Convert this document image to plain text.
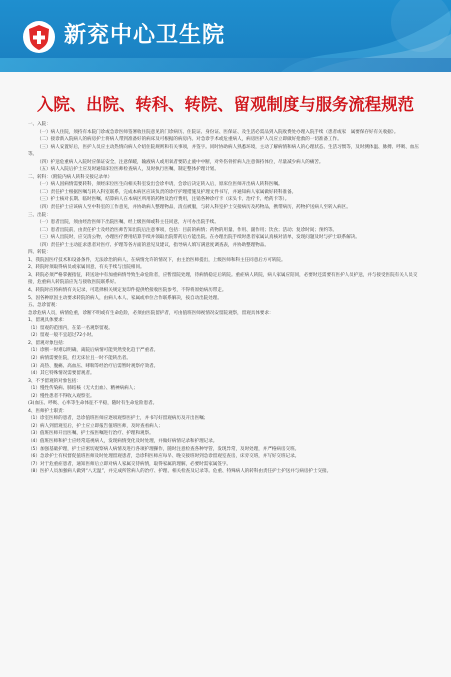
新兖中心卫生院
入院、出院、转科、转院、留观制度与服务流程规范

一、入院：

（一）病人住院，须持有本院门诊或急诊医师签署收住院意见的门诊病历、住院证、身份证、医保证、及生活必需品到入院收费处办理入院手续（患者或家　属要保存好有关收据）。

（二）接诊新入院病人的病房护士将病人带到准备好的病床及可根据的病房内。对急诊手术或危重病人，病房医护人员应立即做好抢救的一切准备工作。

（三）病人安置好后，医护人员应主动热情向病人介绍住院规则和有关事项，并签字。同时协助病人熟悉环境，主动了解病情和病人的心理状态、生活习惯等，及时测体温、脉搏、呼吸、血压等。

（四）护送危重病人入院时应保证安全，注意保暖，输液病人或用氧者要防止液中中断，对外伤骨折病人注意保持体位，尽量减少病人的痛苦。

（五）病人入院后护士应及时通知床位医师检查病人，及时执行医嘱，制定整体护理计划。

二、转科：（附院内病人转科交接记录单）

（一）病人因病情需要转科，须经床位医生向相关科室发出会诊申请，会诊后决定转入后，原床位医师开出病人转科医嘱。

（二）责任护士根据医嘱与转入科室联系，完成本病区应该负责的诊疗护理措施及护理文件书写，并通知病人家属做好转科准备。

（三）护士核对长期、临时医嘱，结算病人在本病区所用的药物及治疗费用，注销各种诊疗卡（床头卡、治疗卡、给药卡等）。

（四）责任护士应该病人至中科室的工作意见，并协助病人整理物品，清点被服，与转入科室护士交接病历及药物品，携带病历，药物护送病人至转入病区。

三、出院：

（一）患者出院，须由经治医师下出院医嘱，经上级医师或科主任同意，方可办出院手续。

（二）患者出院前，由责任护士及经治医师告知出院后注意事项，包括：目前的病情；药物的用量、作用、副作用；饮食；活动；复诊时间；预约等。

（三）病人出院时，应交清公物，办理医疗费用结算手续并领取出院带药后方能出院。在办理出院手续时患者家属认真核对清单，发现问题及时与护士联系解决。

（四）责任护士主动征求患者对医疗、护理等各方面的意见及建议，指导病人填写满意度调查表，并协助整理物品。

四、转院：

1、我院因医疗技术和设备条件，无法诊治的病人，在病情允许的情况下，由主治医师提出，上级医师和科主任同意后方可转院。

2、转院时须取得病员或家属同意，有关手续与出院相同。

3、转院必须严格掌握指征，转送途中有加重病情导致生命危险者，应暂留院处理，待病情稳定后转院。重症病人转院，病人家属应陪同，必要时还需要有医护人员护送，并与接受医院有关人员交接，危重病人转院前应先与接收医院联系好。

4、转院时应将病情有关记录，可选择相关规定复印件提供给接收医院参考，不得将原始病历带走。

5、因各种原因主动要求转院的病人，由病人本人、家属或单位合作联系解决，按自动出院处理。

五、急诊留观：

急诊危病人员，病情危重，诊断不明或有生命危险，必须由医院留护者，可由值班医师视情况安留院观察，留观具体要求：

1、留观具体要求：

（1）留观的范围内，在第一名观察留观。

（2）留观一般不宜超过72小时。

2、留观对象包括：

（1）诊断一时难以明确，离院后病情可能突然变化趋于严重者。

（2）病情需要住院，但无床位且一时不能转出者。

（3）高热、腹痛、高血压、哮喘等经治疗后需暂时观察疗效者。

（4）其它特殊情况需要留观者。

3、不予留观的对象包括：

（1）慢性传染病、肺结核（无大出血）、精神病病人；

（2）慢性患者不得收入观察室。

(3)血压、呼吸、心率等生命体征不平稳，随时有生命危险患者。

4、医师护士职责：

（1）诊室医师的患者，急诊值班医师应逐项观察医护士，并书写好留观病历及开出医嘱；

（2）病人到留观室后，护士应立即报告值班医师，及时查看病人；

（3）值班医师开出医嘱，护士按医嘱进行治疗、护理和观察。

（4）值班医师和护士应经常巡视病人，发现病情变化及时处理，并做好病情记录和护理记录。

（5）加强基础护理，护士应密切观察病人病情及进行各项护理操作，随时注意检查各种导管，发现异常，及时处理，并严格病房交班。

（6）急诊护士有权督促值班医师及时处理留观患者，急诊科医师应每早、晚交接班时到急诊留观室查房，床旁交班，并写好交班记录。

（7）对于危重症患者，通知医师后立即对病人家属交待病情，取得家属的理解，必要时需家属签字。

（8）医护人员加强病人做到“八无温”，并完成所管病人的治疗、护理、相关检查及记录等。危重、特殊病人的转科由责任护士护送并与病房护士交接。
